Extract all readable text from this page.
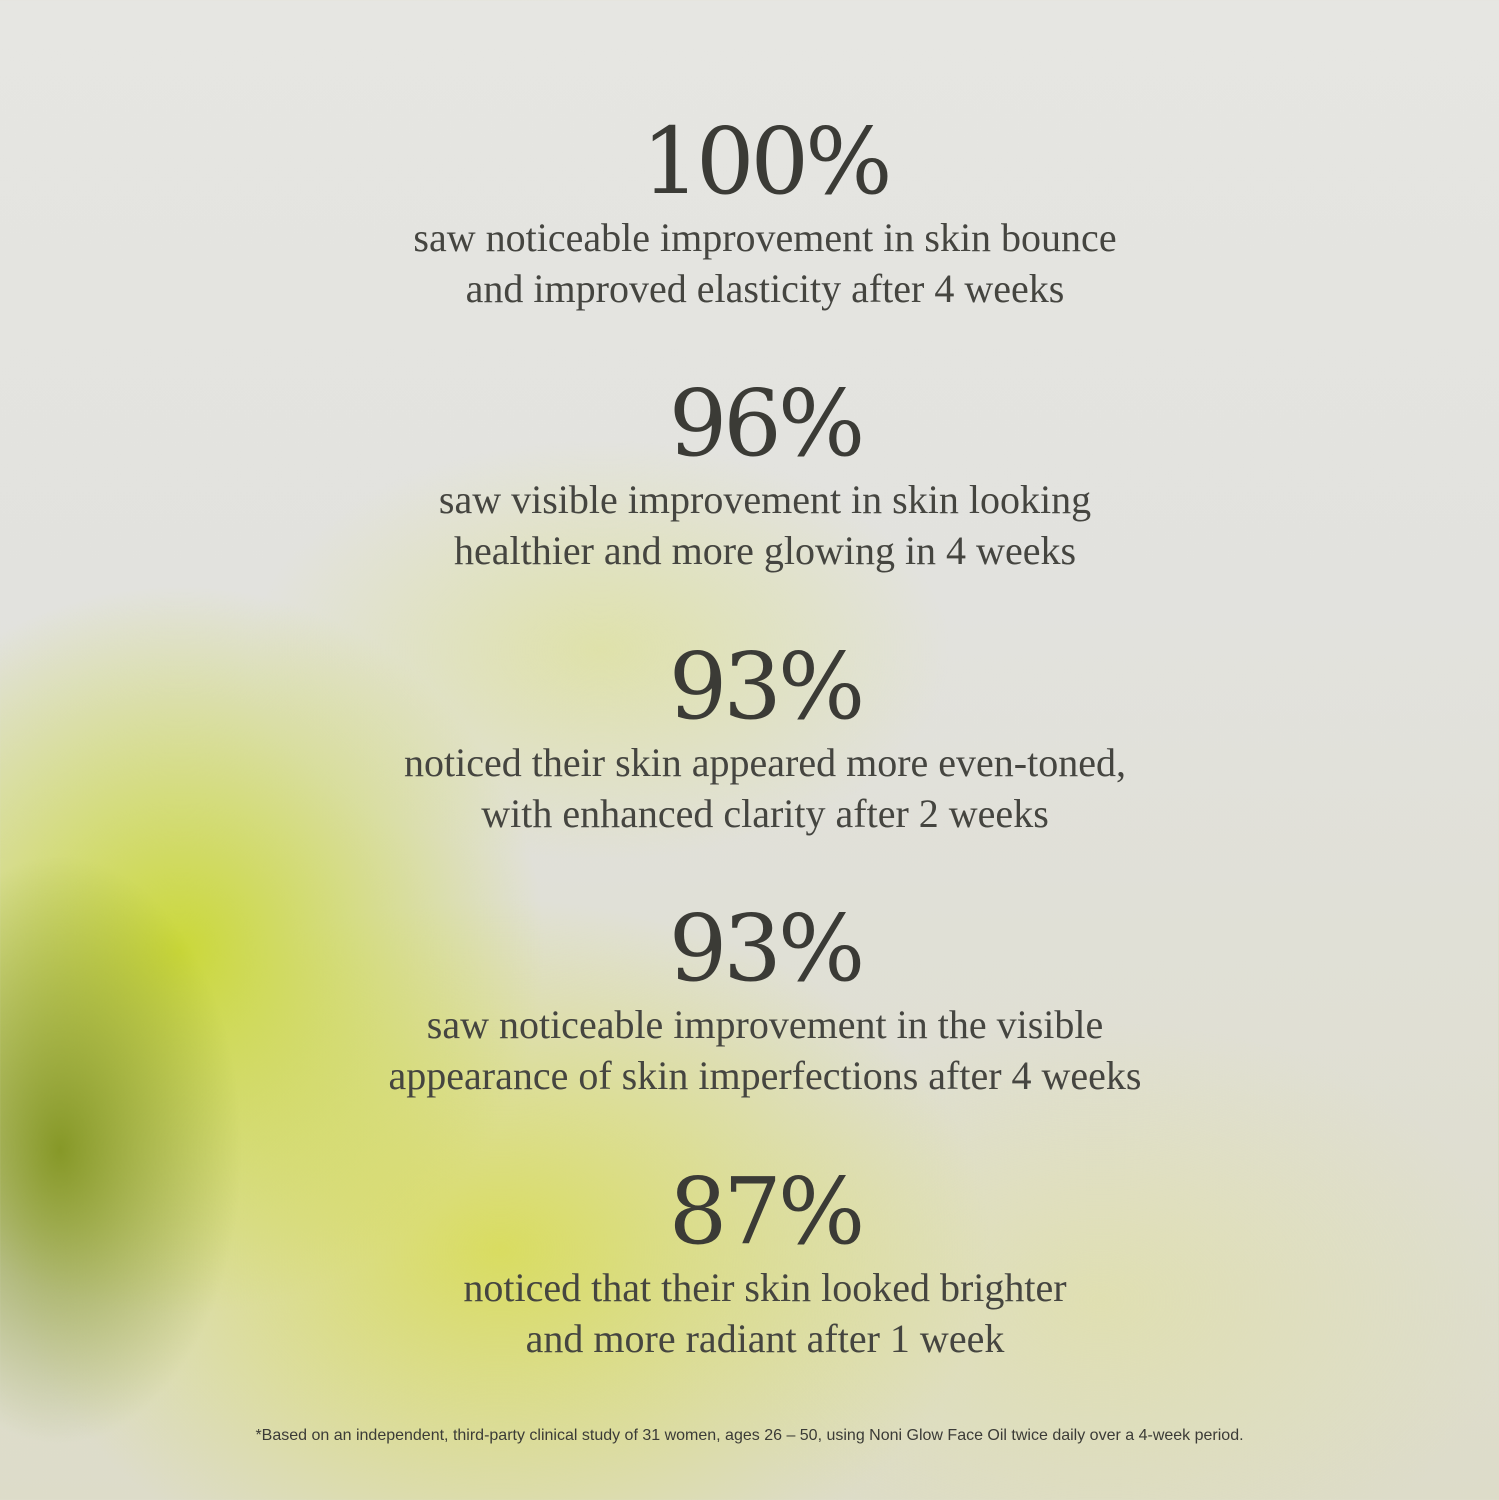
100%
saw noticeable improvement in skin bounce
and improved elasticity after 4 weeks
96%
saw visible improvement in skin looking
healthier and more glowing in 4 weeks
93%
noticed their skin appeared more even-toned,
with enhanced clarity after 2 weeks
93%
saw noticeable improvement in the visible
appearance of skin imperfections after 4 weeks
87%
noticed that their skin looked brighter
and more radiant after 1 week
*Based on an independent, third-party clinical study of 31 women, ages 26 – 50, using Noni Glow Face Oil twice daily over a 4-week period.
